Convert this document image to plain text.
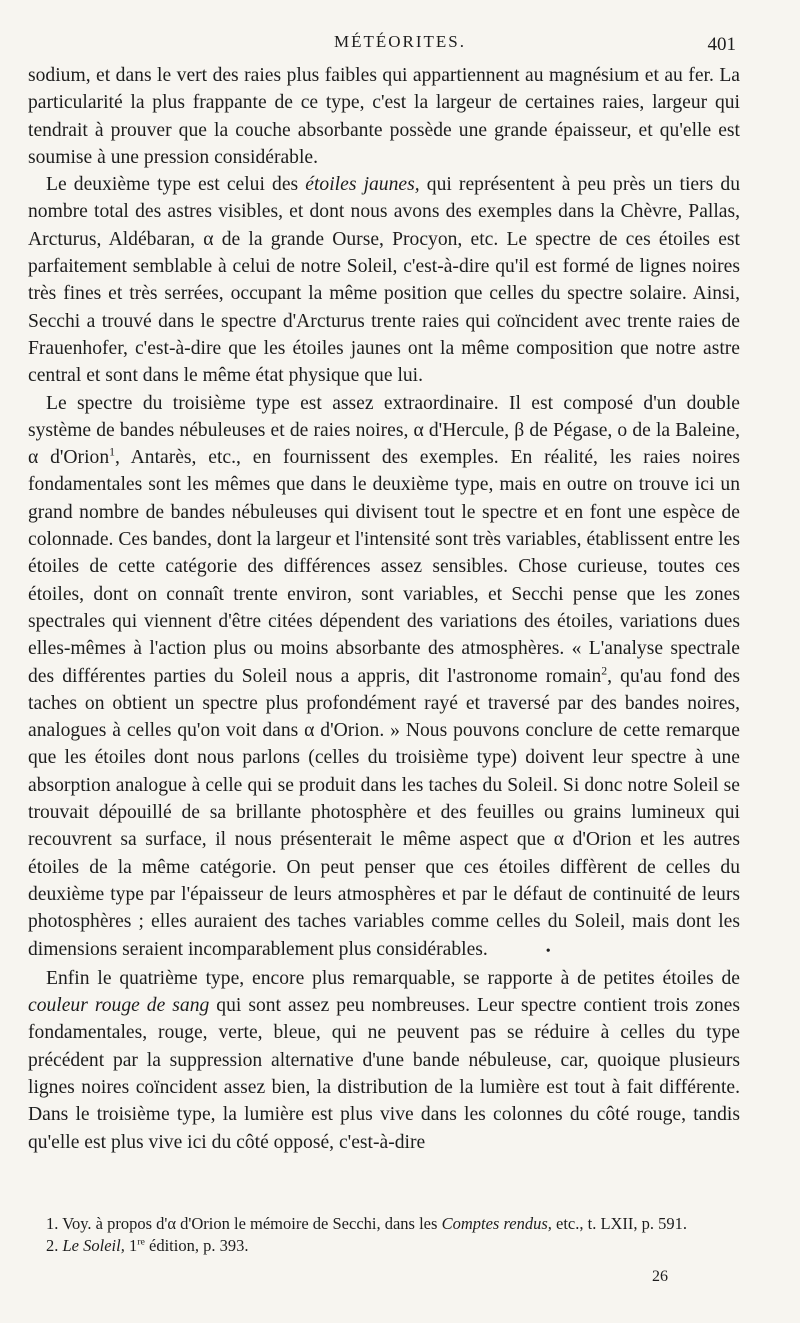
MÉTÉORITES.	401

sodium, et dans le vert des raies plus faibles qui appartiennent au magnésium et au fer. La particularité la plus frappante de ce type, c'est la largeur de certaines raies, largeur qui tendrait à prouver que la couche absorbante possède une grande épaisseur, et qu'elle est soumise à une pression considérable.

Le deuxième type est celui des étoiles jaunes, qui représentent à peu près un tiers du nombre total des astres visibles, et dont nous avons des exemples dans la Chèvre, Pallas, Arcturus, Aldébaran, α de la grande Ourse, Procyon, etc. Le spectre de ces étoiles est parfaitement semblable à celui de notre Soleil, c'est-à-dire qu'il est formé de lignes noires très fines et très serrées, occupant la même position que celles du spectre solaire. Ainsi, Secchi a trouvé dans le spectre d'Arcturus trente raies qui coïncident avec trente raies de Frauenhofer, c'est-à-dire que les étoiles jaunes ont la même composition que notre astre central et sont dans le même état physique que lui.

Le spectre du troisième type est assez extraordinaire. Il est composé d'un double système de bandes nébuleuses et de raies noires, α d'Hercule, β de Pégase, o de la Baleine, α d'Orion$^1$, Antarès, etc., en fournissent des exemples. En réalité, les raies noires fondamentales sont les mêmes que dans le deuxième type, mais en outre on trouve ici un grand nombre de bandes nébuleuses qui divisent tout le spectre et en font une espèce de colonnade. Ces bandes, dont la largeur et l'intensité sont très variables, établissent entre les étoiles de cette catégorie des différences assez sensibles. Chose curieuse, toutes ces étoiles, dont on connaît trente environ, sont variables, et Secchi pense que les zones spectrales qui viennent d'être citées dépendent des variations des étoiles, variations dues elles-mêmes à l'action plus ou moins absorbante des atmosphères. « L'analyse spectrale des différentes parties du Soleil nous a appris, dit l'astronome romain$^2$, qu'au fond des taches on obtient un spectre plus profondément rayé et traversé par des bandes noires, analogues à celles qu'on voit dans α d'Orion. » Nous pouvons conclure de cette remarque que les étoiles dont nous parlons (celles du troisième type) doivent leur spectre à une absorption analogue à celle qui se produit dans les taches du Soleil. Si donc notre Soleil se trouvait dépouillé de sa brillante photosphère et des feuilles ou grains lumineux qui recouvrent sa surface, il nous présenterait le même aspect que α d'Orion et les autres étoiles de la même catégorie. On peut penser que ces étoiles diffèrent de celles du deuxième type par l'épaisseur de leurs atmosphères et par le défaut de continuité de leurs photosphères ; elles auraient des taches variables comme celles du Soleil, mais dont les dimensions seraient incomparablement plus considérables.	•

Enfin le quatrième type, encore plus remarquable, se rapporte à de petites étoiles de couleur rouge de sang qui sont assez peu nombreuses. Leur spectre contient trois zones fondamentales, rouge, verte, bleue, qui ne peuvent pas se réduire à celles du type précédent par la suppression alternative d'une bande nébuleuse, car, quoique plusieurs lignes noires coïncident assez bien, la distribution de la lumière est tout à fait différente. Dans le troisième type, la lumière est plus vive dans les colonnes du côté rouge, tandis qu'elle est plus vive ici du côté opposé, c'est-à-dire

1. Voy. à propos d'α d'Orion le mémoire de Secchi, dans les Comptes rendus, etc., t. LXII, p. 591.
2. Le Soleil, 1re édition, p. 393.
26
